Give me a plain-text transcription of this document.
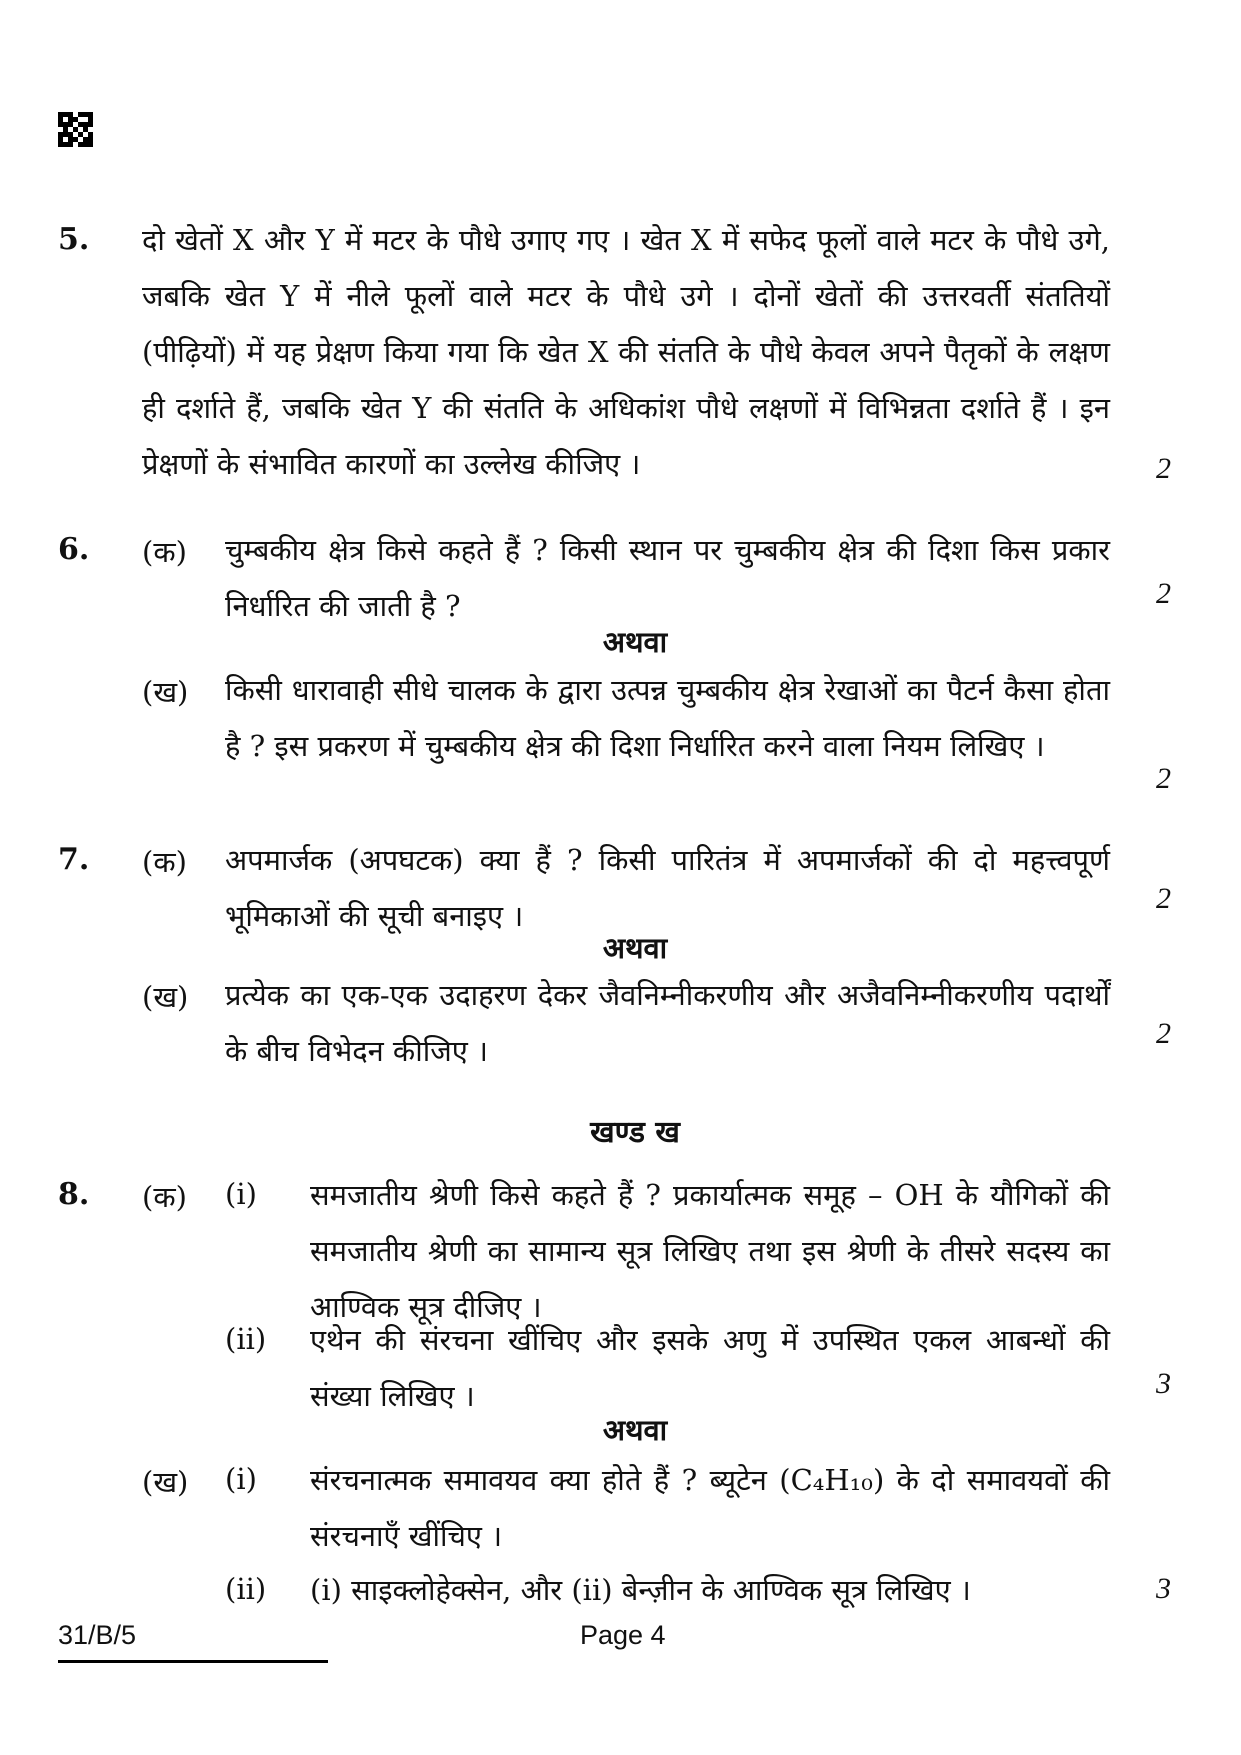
5. दो खेतों X और Y में मटर के पौधे उगाए गए । खेत X में सफेद फूलों वाले मटर के पौधे उगे, जबकि खेत Y में नीले फूलों वाले मटर के पौधे उगे । दोनों खेतों की उत्तरवर्ती संततियों (पीढ़ियों) में यह प्रेक्षण किया गया कि खेत X की संतति के पौधे केवल अपने पैतृकों के लक्षण ही दर्शाते हैं, जबकि खेत Y की संतति के अधिकांश पौधे लक्षणों में विभिन्नता दर्शाते हैं । इन प्रेक्षणों के संभावित कारणों का उल्लेख कीजिए ।	2
6. (क) चुम्बकीय क्षेत्र किसे कहते हैं ? किसी स्थान पर चुम्बकीय क्षेत्र की दिशा किस प्रकार निर्धारित की जाती है ?	2
अथवा
(ख) किसी धारावाही सीधे चालक के द्वारा उत्पन्न चुम्बकीय क्षेत्र रेखाओं का पैटर्न कैसा होता है ? इस प्रकरण में चुम्बकीय क्षेत्र की दिशा निर्धारित करने वाला नियम लिखिए ।
2
7. (क) अपमार्जक (अपघटक) क्या हैं ? किसी पारितंत्र में अपमार्जकों की दो महत्त्वपूर्ण भूमिकाओं की सूची बनाइए ।
2
अथवा
(ख) प्रत्येक का एक-एक उदाहरण देकर जैवनिम्नीकरणीय और अजैवनिम्नीकरणीय पदार्थों के बीच विभेदन कीजिए ।
2
खण्ड ख
8. (क) (i) समजातीय श्रेणी किसे कहते हैं ? प्रकार्यात्मक समूह – OH के यौगिकों की समजातीय श्रेणी का सामान्य सूत्र लिखिए तथा इस श्रेणी के तीसरे सदस्य का आण्विक सूत्र दीजिए ।
(ii) एथेन की संरचना खींचिए और इसके अणु में उपस्थित एकल आबन्धों की संख्या लिखिए ।	3
अथवा
(ख) (i) संरचनात्मक समावयव क्या होते हैं ? ब्यूटेन (C₄H₁₀) के दो समावयवों की संरचनाएँ खींचिए ।
(ii) (i) साइक्लोहेक्सेन, और (ii) बेन्ज़ीन के आण्विक सूत्र लिखिए ।	3
31/B/5	Page 4
